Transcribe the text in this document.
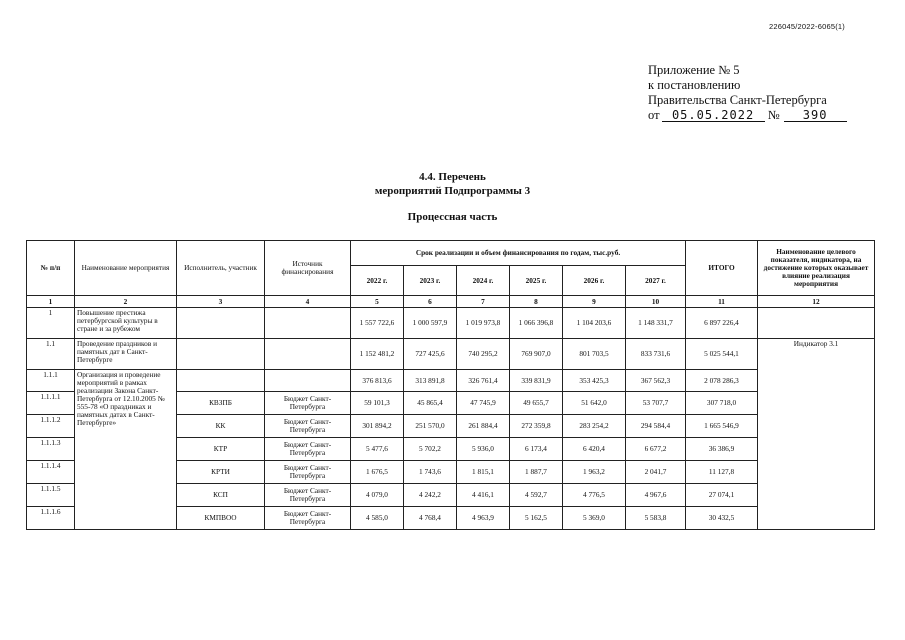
226045/2022-6065(1)
Приложение № 5
к постановлению
Правительства Санкт-Петербурга
от 05.05.2022 № 390
4.4. Перечень
мероприятий Подпрограммы 3
Процессная часть
№ п/п	Наименование мероприятия	Исполнитель, участник	Источник финансирования	Срок реализации и объем финансирования по годам, тыс.руб.						ИТОГО	Наименование целевого показателя, индикатора, на достижение которых оказывает влияние реализация мероприятия
				2022 г.	2023 г.	2024 г.	2025 г.	2026 г.	2027 г.		
1	2	3	4	5	6	7	8	9	10	11	12
1	Повышение престижа петербургской культуры в стране и за рубежом			1 557 722,6	1 000 597,9	1 019 973,8	1 066 396,8	1 104 203,6	1 148 331,7	6 897 226,4	
1.1	Проведение праздников и памятных дат в Санкт-Петербурге			1 152 481,2	727 425,6	740 295,2	769 907,0	801 703,5	833 731,6	5 025 544,1	Индикатор 3.1
1.1.1	Организация и проведение мероприятий в рамках реализации Закона Санкт-Петербурга от 12.10.2005 № 555-78 «О праздниках и памятных датах в Санкт-Петербурге»			376 813,6	313 891,8	326 761,4	339 831,9	353 425,3	367 562,3	2 078 286,3	
1.1.1.1		КВЗПБ	Бюджет Санкт-Петербурга	59 101,3	45 865,4	47 745,9	49 655,7	51 642,0	53 707,7	307 718,0	
1.1.1.2		КК	Бюджет Санкт-Петербурга	301 894,2	251 570,0	261 884,4	272 359,8	283 254,2	294 584,4	1 665 546,9	
1.1.1.3		КТР	Бюджет Санкт-Петербурга	5 477,6	5 702,2	5 936,0	6 173,4	6 420,4	6 677,2	36 386,9	
1.1.1.4		КРТИ	Бюджет Санкт-Петербурга	1 676,5	1 743,6	1 815,1	1 887,7	1 963,2	2 041,7	11 127,8	
1.1.1.5		КСП	Бюджет Санкт-Петербурга	4 079,0	4 242,2	4 416,1	4 592,7	4 776,5	4 967,6	27 074,1	
1.1.1.6		КМПВОО	Бюджет Санкт-Петербурга	4 585,0	4 768,4	4 963,9	5 162,5	5 369,0	5 583,8	30 432,5	
